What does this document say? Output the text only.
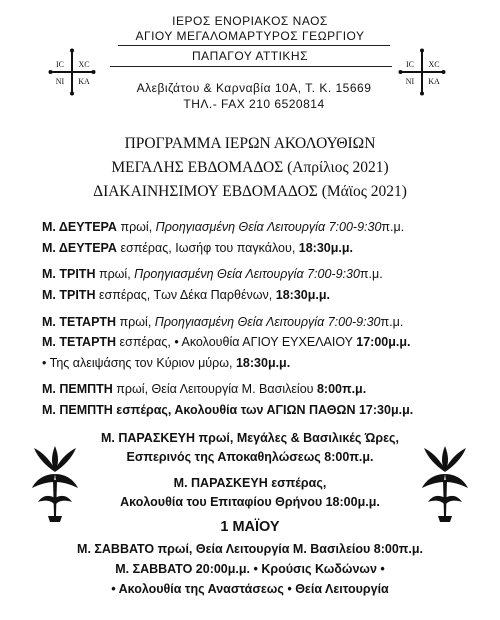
ΙΕΡΟΣ ΕΝΟΡΙΑΚΟΣ ΝΑΟΣ
ΑΓΙΟΥ ΜΕΓΑΛΟΜΑΡΤΥΡΟΣ ΓΕΩΡΓΙΟΥ
ΠΑΠΑΓΟΥ ΑΤΤΙΚΗΣ
Αλεβιζάτου & Καρναβία 10Α, Τ. Κ. 15669
ΤΗΛ.- FAX 210 6520814
IC XC
NI KA
IC XC
NI KA
ΠΡΟΓΡΑΜΜΑ ΙΕΡΩΝ ΑΚΟΛΟΥΘΙΩΝ
ΜΕΓΑΛΗΣ ΕΒΔΟΜΑΔΟΣ (Απρίλιος 2021)
ΔΙΑΚΑΙΝΗΣΙΜΟΥ ΕΒΔΟΜΑΔΟΣ (Μάϊος 2021)
Μ. ΔΕΥΤΕΡΑ πρωί, Προηγιασμένη Θεία Λειτουργία 7:00-9:30π.μ.
Μ. ΔΕΥΤΕΡΑ εσπέρας, Ιωσήφ του παγκάλου, 18:30μ.μ.
Μ. ΤΡΙΤΗ πρωί, Προηγιασμένη Θεία Λειτουργία 7:00-9:30π.μ.
Μ. ΤΡΙΤΗ εσπέρας, Των Δέκα Παρθένων, 18:30μ.μ.
Μ. ΤΕΤΑΡΤΗ πρωί, Προηγιασμένη Θεία Λειτουργία 7:00-9:30π.μ.
Μ. ΤΕΤΑΡΤΗ εσπέρας, • Ακολουθία ΑΓΙΟΥ ΕΥΧΕΛΑΙΟΥ 17:00μ.μ.
• Της αλειψάσης τον Κύριον μύρω, 18:30μ.μ.
Μ. ΠΕΜΠΤΗ πρωί, Θεία Λειτουργία Μ. Βασιλείου 8:00π.μ.
Μ. ΠΕΜΠΤΗ εσπέρας, Ακολουθία των ΑΓΙΩΝ ΠΑΘΩΝ 17:30μ.μ.
Μ. ΠΑΡΑΣΚΕΥΗ πρωί, Μεγάλες & Βασιλικές Ώρες,
Εσπερινός της Αποκαθηλώσεως 8:00π.μ.
Μ. ΠΑΡΑΣΚΕΥΗ εσπέρας,
Ακολουθία του Επιταφίου Θρήνου 18:00μ.μ.
1 ΜΑΪΟΥ
Μ. ΣΑΒΒΑΤΟ πρωί, Θεία Λειτουργία Μ. Βασιλείου 8:00π.μ.
Μ. ΣΑΒΒΑΤΟ 20:00μ.μ. • Κρούσις Κωδώνων •
• Ακολουθία της Αναστάσεως • Θεία Λειτουργία
